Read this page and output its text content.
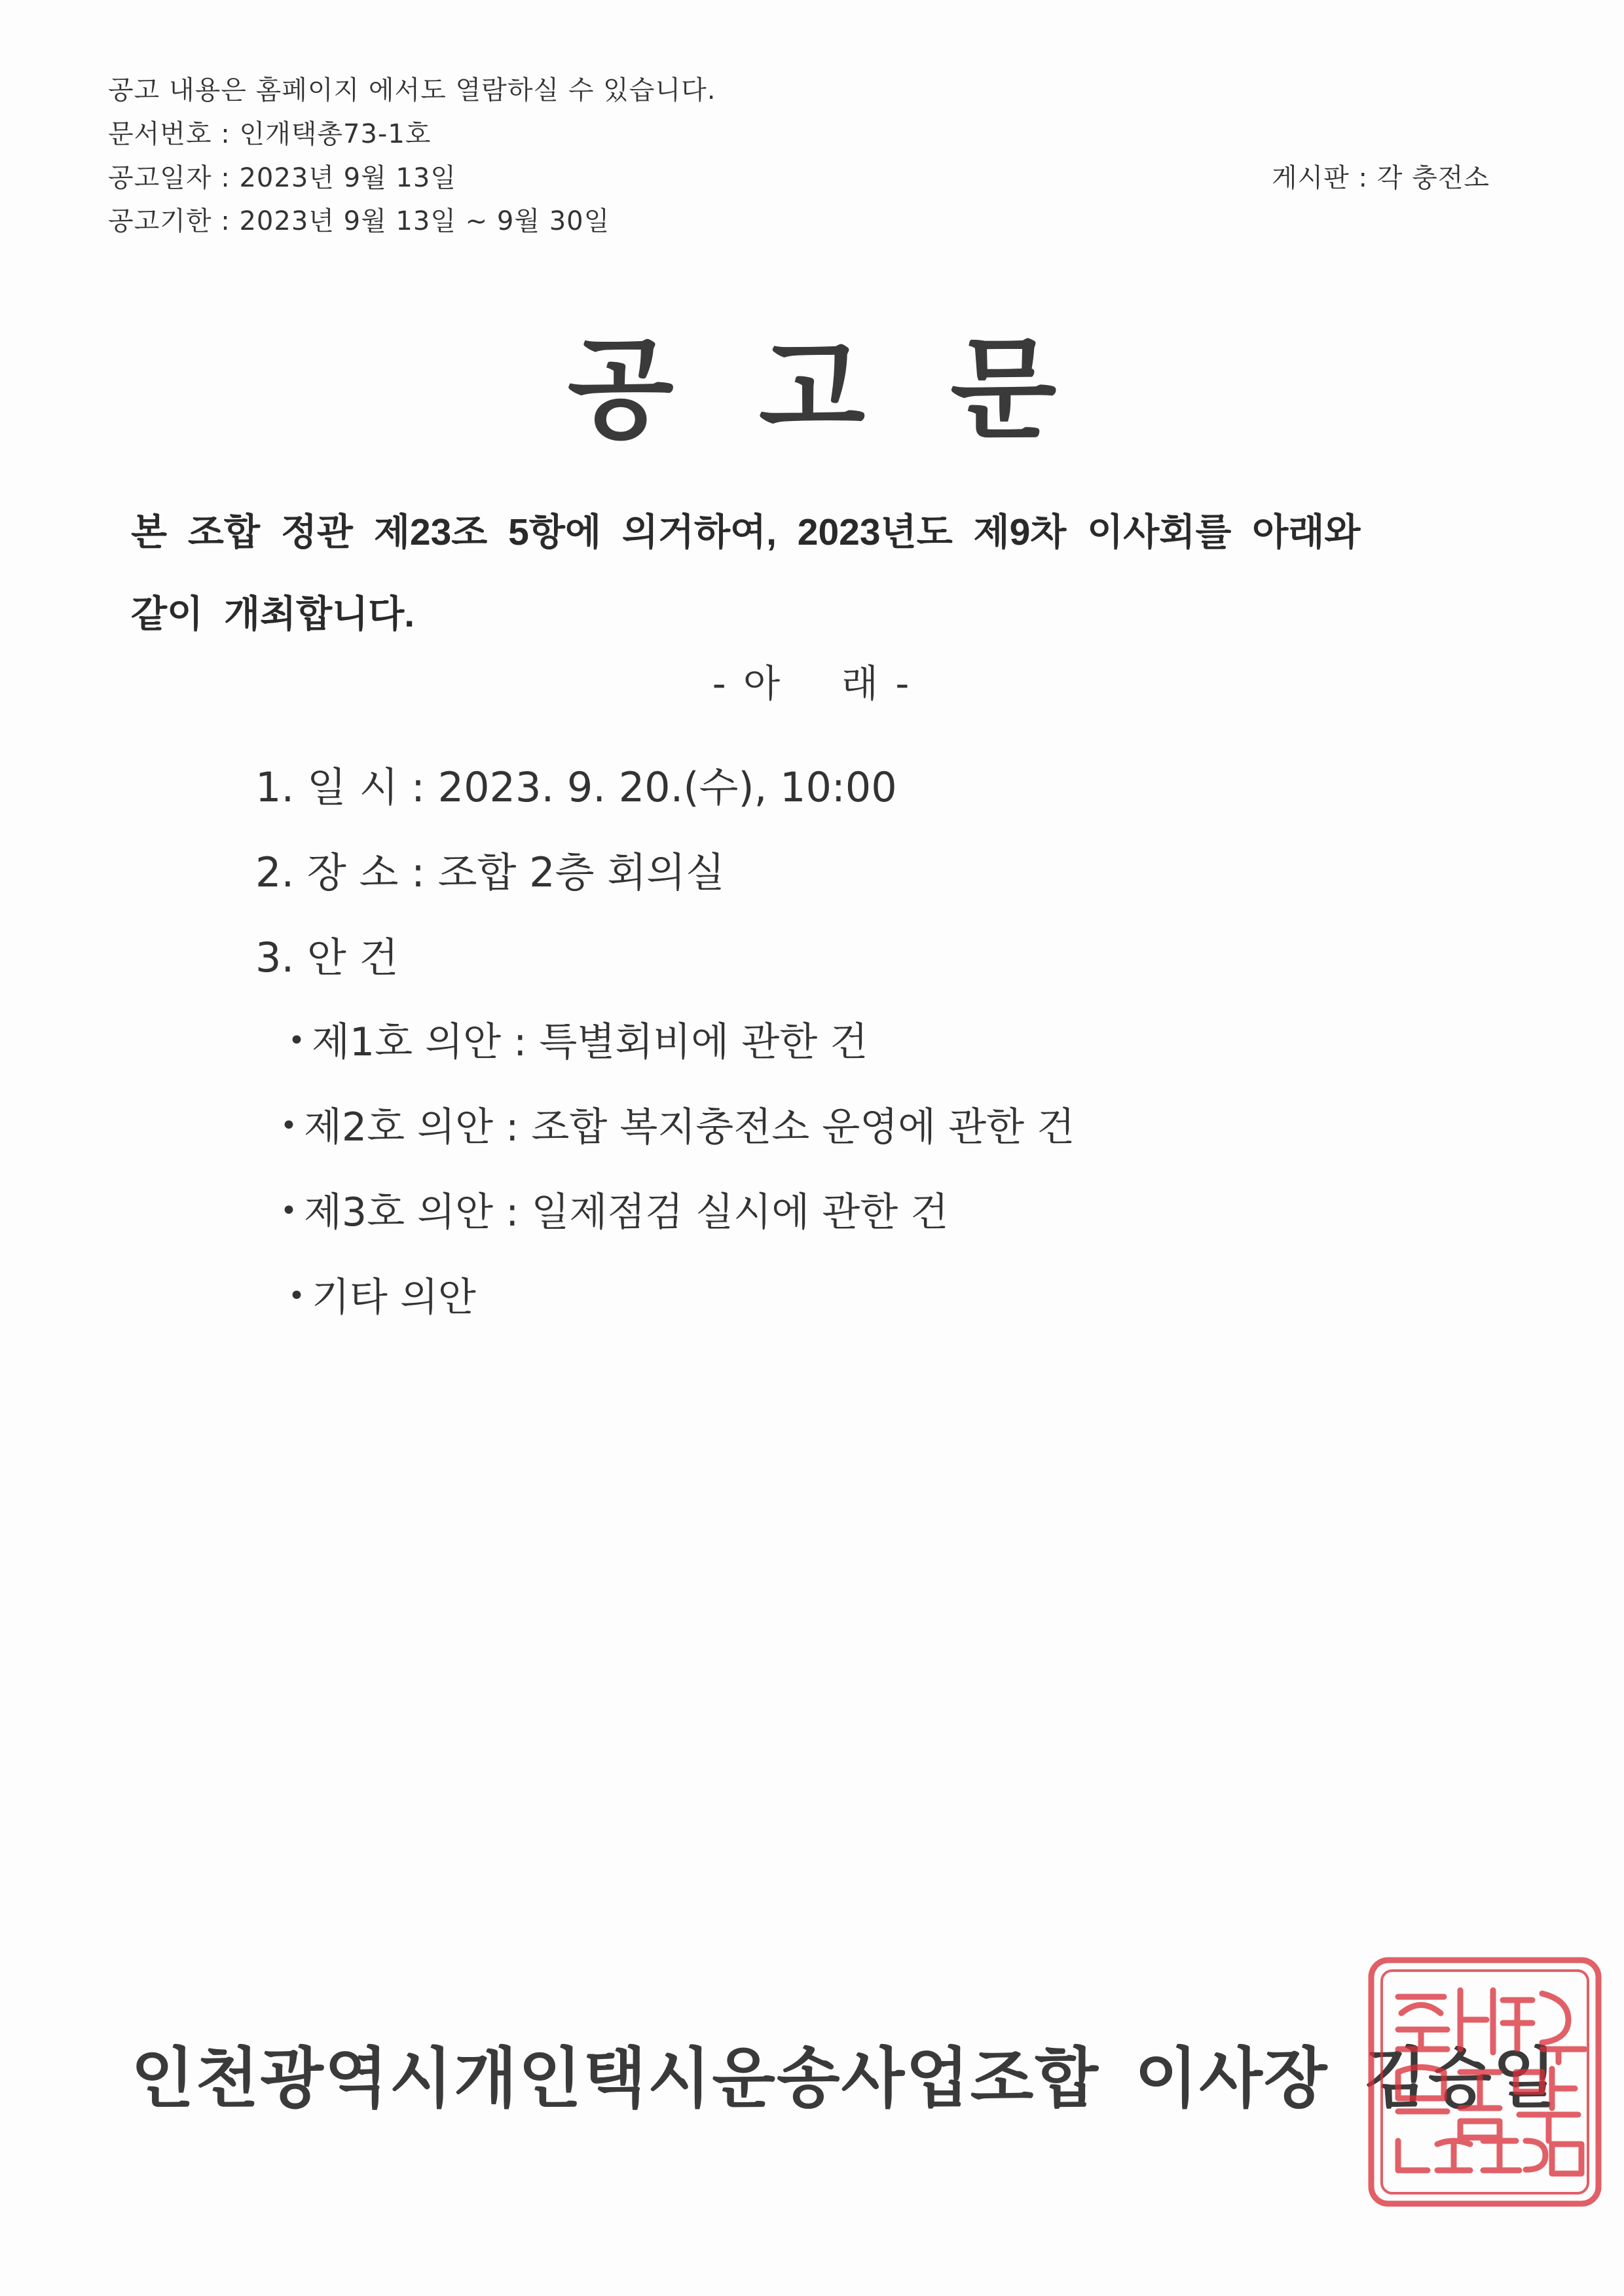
공고 내용은 홈페이지 에서도 열람하실 수 있습니다.
문서번호 : 인개택총73-1호
공고일자 : 2023년 9월 13일
공고기한 : 2023년 9월 13일 ~ 9월 30일
게시판 : 각 충전소
공고문
본 조합 정관 제23조 5항에 의거하여, 2023년도 제9차 이사회를 아래와
같이 개최합니다.
- 아    래 -
1. 일 시 : 2023. 9. 20.(수), 10:00
2. 장 소 : 조합 2층 회의실
3. 안 건
• 제1호 의안 : 특별회비에 관한 건
• 제2호 의안 : 조합 복지충전소 운영에 관한 건
• 제3호 의안 : 일제점검 실시에 관한 건
• 기타 의안
인천광역시개인택시운송사업조합 이사장 김승일
